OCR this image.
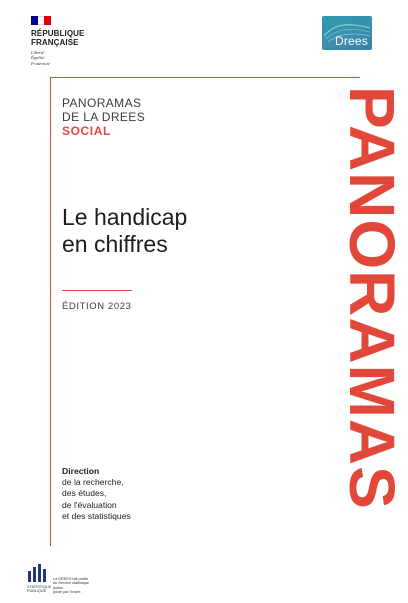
RÉPUBLIQUE
FRANÇAISE
Liberté
Égalité
Fraternité
Drees
PANORAMAS
DE LA DREES
SOCIAL
Le handicap
en chiffres
ÉDITION 2023
Direction
de la recherche,
des études,
de l'évaluation
et des statistiques
PANORAMAS
STATISTIQUE
PUBLIQUE
La DREES fait partie
du Service statistique public
piloté par l'Insee.
